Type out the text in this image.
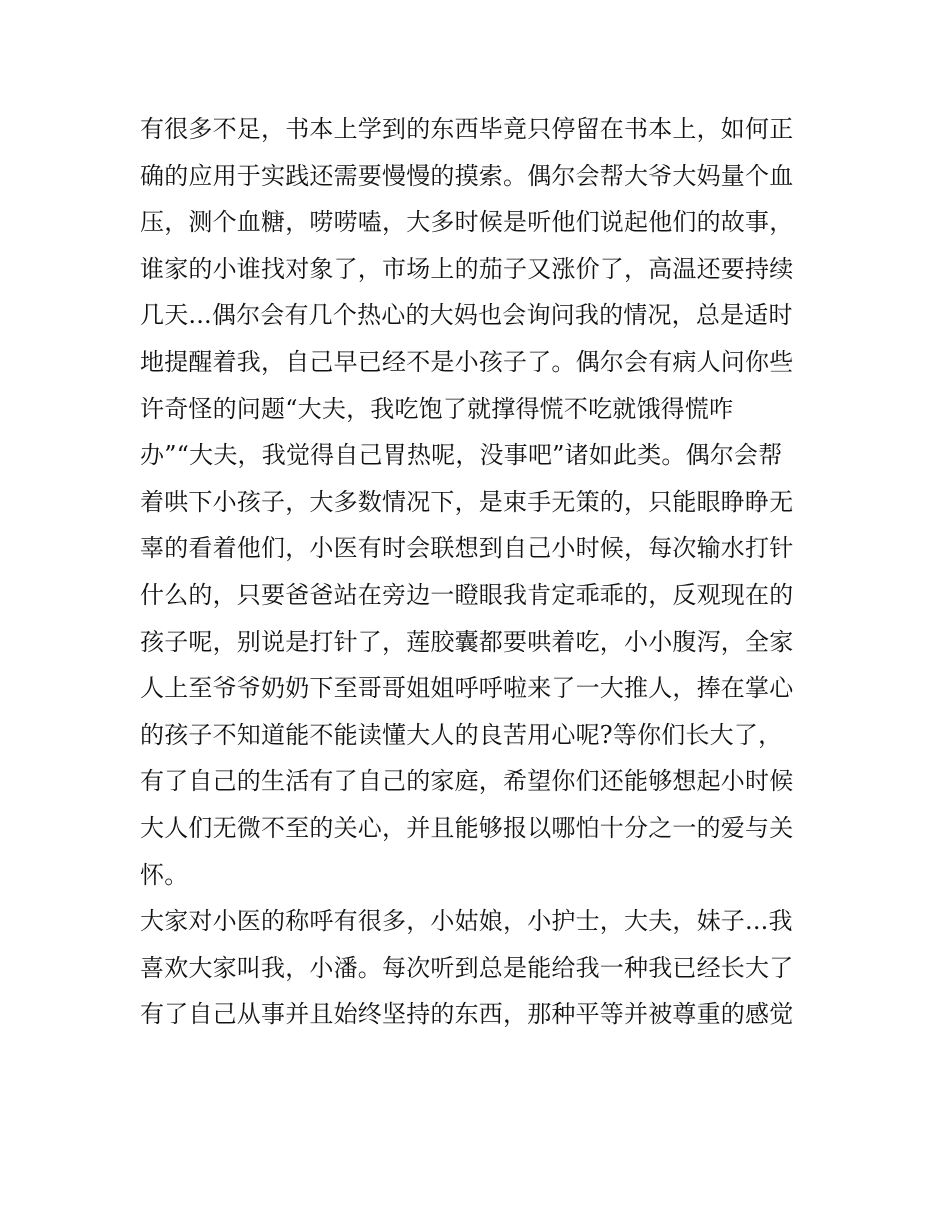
有很多不足，书本上学到的东西毕竟只停留在书本上，如何正
确的应用于实践还需要慢慢的摸索。偶尔会帮大爷大妈量个血
压，测个血糖，唠唠嗑，大多时候是听他们说起他们的故事，
谁家的小谁找对象了，市场上的茄子又涨价了，高温还要持续
几天...偶尔会有几个热心的大妈也会询问我的情况，总是适时
地提醒着我，自己早已经不是小孩子了。偶尔会有病人问你些
许奇怪的问题“大夫，我吃饱了就撑得慌不吃就饿得慌咋
办”“大夫，我觉得自己胃热呢，没事吧”诸如此类。偶尔会帮
着哄下小孩子，大多数情况下，是束手无策的，只能眼睁睁无
辜的看着他们，小医有时会联想到自己小时候，每次输水打针
什么的，只要爸爸站在旁边一瞪眼我肯定乖乖的，反观现在的
孩子呢，别说是打针了，莲胶囊都要哄着吃，小小腹泻，全家
人上至爷爷奶奶下至哥哥姐姐呼呼啦来了一大推人，捧在掌心
的孩子不知道能不能读懂大人的良苦用心呢?等你们长大了，
有了自己的生活有了自己的家庭，希望你们还能够想起小时候
大人们无微不至的关心，并且能够报以哪怕十分之一的爱与关
怀。
大家对小医的称呼有很多，小姑娘，小护士，大夫，妹子...我
喜欢大家叫我，小潘。每次听到总是能给我一种我已经长大了
有了自己从事并且始终坚持的东西，那种平等并被尊重的感觉
